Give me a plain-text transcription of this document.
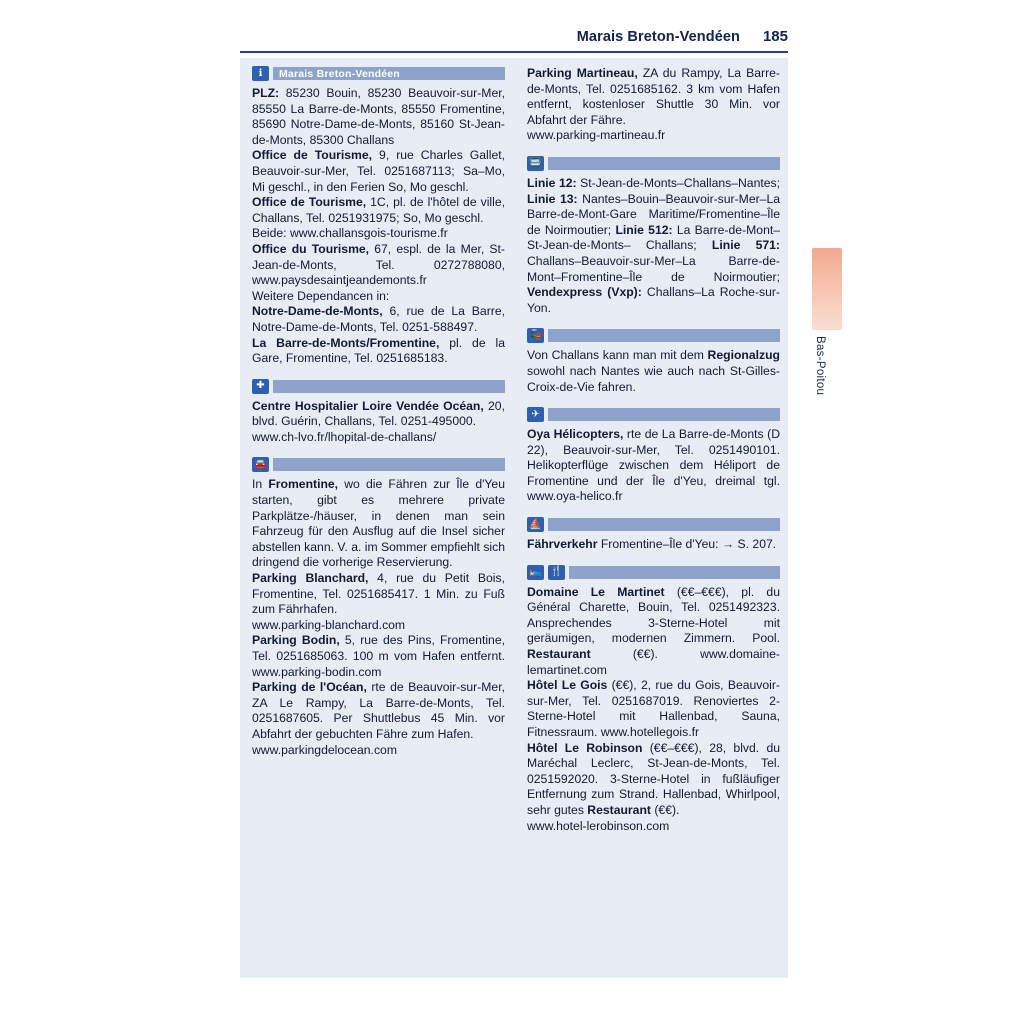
Marais Breton-Vendéen 185
Bas-Poitou
ℹ	Marais Breton-Vendéen

PLZ: 85230 Bouin, 85230 Beauvoir-sur-Mer, 85550 La Barre-de-Monts, 85550 Fromentine, 85690 Notre-Dame-de-Monts, 85160 St-Jean-de-Monts, 85300 Challans

Office de Tourisme, 9, rue Charles Gallet, Beauvoir-sur-Mer, Tel. 0251687113; Sa–Mo, Mi geschl., in den Ferien So, Mo geschl.

Office de Tourisme, 1C, pl. de l'hôtel de ville, Challans, Tel. 0251931975; So, Mo geschl.

Beide: www.challansgois-tourisme.fr

Office du Tourisme, 67, espl. de la Mer, St-Jean-de-Monts, Tel. 0272788080, www.paysdesaintjeandemonts.fr

Weitere Dependancen in:

Notre-Dame-de-Monts, 6, rue de La Barre, Notre-Dame-de-Monts, Tel. 0251-588497.

La Barre-de-Monts/Fromentine, pl. de la Gare, Fromentine, Tel. 0251685183.

✚

Centre Hospitalier Loire Vendée Océan, 20, blvd. Guérin, Challans, Tel. 0251-495000.

www.ch-lvo.fr/lhopital-de-challans/

🚘

In Fromentine, wo die Fähren zur Île d'Yeu starten, gibt es mehrere private Parkplätze-/häuser, in denen man sein Fahrzeug für den Ausflug auf die Insel sicher abstellen kann. V. a. im Sommer empfiehlt sich dringend die vorherige Reservierung.

Parking Blanchard, 4, rue du Petit Bois, Fromentine, Tel. 0251685417. 1 Min. zu Fuß zum Fährhafen.

www.parking-blanchard.com

Parking Bodin, 5, rue des Pins, Fromentine, Tel. 0251685063. 100 m vom Hafen entfernt. www.parking-bodin.com

Parking de l'Océan, rte de Beauvoir-sur-Mer, ZA Le Rampy, La Barre-de-Monts, Tel. 0251687605. Per Shuttlebus 45 Min. vor Abfahrt der gebuchten Fähre zum Hafen.

www.parkingdelocean.com

Parking Martineau, ZA du Rampy, La Barre-de-Monts, Tel. 0251685162. 3 km vom Hafen entfernt, kostenloser Shuttle 30 Min. vor Abfahrt der Fähre.

www.parking-martineau.fr

🚍

Linie 12: St-Jean-de-Monts–Challans–Nantes; Linie 13: Nantes–Bouin–Beauvoir-sur-Mer–La Barre-de-Mont-Gare Maritime/Fromentine–Île de Noirmoutier; Linie 512: La Barre-de-Mont–St-Jean-de-Monts– Challans; Linie 571: Challans–Beauvoir-sur-Mer–La Barre-de-Mont–Fromentine–Île de Noirmoutier; Vendexpress (Vxp): Challans–La Roche-sur-Yon.

🚂

Von Challans kann man mit dem Regionalzug sowohl nach Nantes wie auch nach St-Gilles-Croix-de-Vie fahren.

✈

Oya Hélicopters, rte de La Barre-de-Monts (D 22), Beauvoir-sur-Mer, Tel. 0251490101. Helikopterflüge zwischen dem Héliport de Fromentine und der Île d'Yeu, dreimal tgl. www.oya-helico.fr

⛵

Fährverkehr Fromentine–Île d'Yeu: → S. 207.

🛌 🍴

Domaine Le Martinet (€€–€€€), pl. du Général Charette, Bouin, Tel. 0251492323. Ansprechendes 3-Sterne-Hotel mit geräumigen, modernen Zimmern. Pool. Restaurant (€€). www.domaine-lemartinet.com

Hôtel Le Gois (€€), 2, rue du Gois, Beauvoir-sur-Mer, Tel. 0251687019. Renoviertes 2-Sterne-Hotel mit Hallenbad, Sauna, Fitnessraum. www.hotellegois.fr

Hôtel Le Robinson (€€–€€€), 28, blvd. du Maréchal Leclerc, St-Jean-de-Monts, Tel. 0251592020. 3-Sterne-Hotel in fußläufiger Entfernung zum Strand. Hallenbad, Whirlpool, sehr gutes Restaurant (€€).

www.hotel-lerobinson.com
